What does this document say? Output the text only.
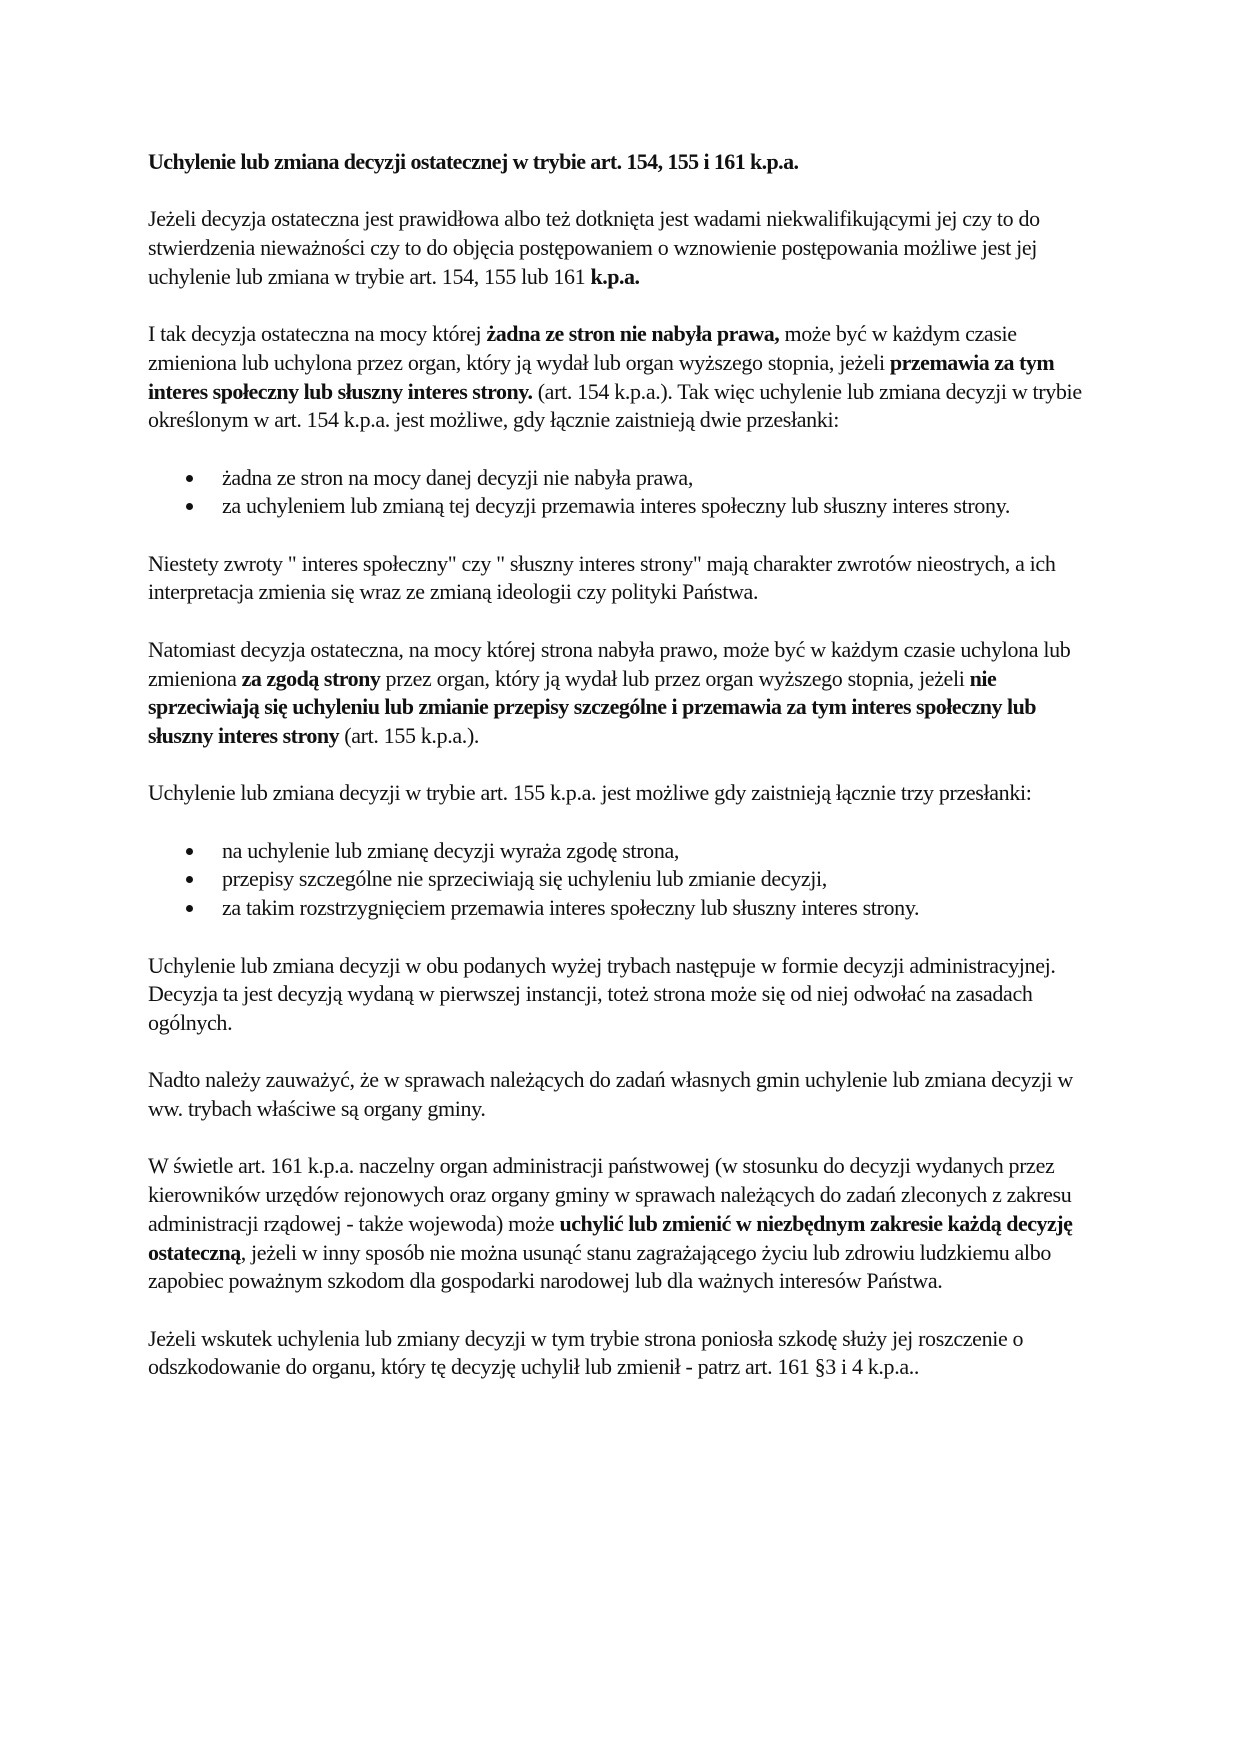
Uchylenie lub zmiana decyzji ostatecznej w trybie art. 154, 155 i 161 k.p.a.

Jeżeli decyzja ostateczna jest prawidłowa albo też dotknięta jest wadami niekwalifikującymi jej czy to do stwierdzenia nieważności czy to do objęcia postępowaniem o wznowienie postępowania możliwe jest jej uchylenie lub zmiana w trybie art. 154, 155 lub 161 k.p.a.

I tak decyzja ostateczna na mocy której żadna ze stron nie nabyła prawa, może być w każdym czasie zmieniona lub uchylona przez organ, który ją wydał lub organ wyższego stopnia, jeżeli przemawia za tym interes społeczny lub słuszny interes strony. (art. 154 k.p.a.). Tak więc uchylenie lub zmiana decyzji w trybie określonym w art. 154 k.p.a. jest możliwe, gdy łącznie zaistnieją dwie przesłanki:

żadna ze stron na mocy danej decyzji nie nabyła prawa,
za uchyleniem lub zmianą tej decyzji przemawia interes społeczny lub słuszny interes strony.

Niestety zwroty " interes społeczny" czy " słuszny interes strony" mają charakter zwrotów nieostrych, a ich interpretacja zmienia się wraz ze zmianą ideologii czy polityki Państwa.

Natomiast decyzja ostateczna, na mocy której strona nabyła prawo, może być w każdym czasie uchylona lub zmieniona za zgodą strony przez organ, który ją wydał lub przez organ wyższego stopnia, jeżeli nie sprzeciwiają się uchyleniu lub zmianie przepisy szczególne i przemawia za tym interes społeczny lub słuszny interes strony (art. 155 k.p.a.).

Uchylenie lub zmiana decyzji w trybie art. 155 k.p.a. jest możliwe gdy zaistnieją łącznie trzy przesłanki:

na uchylenie lub zmianę decyzji wyraża zgodę strona,
przepisy szczególne nie sprzeciwiają się uchyleniu lub zmianie decyzji,
za takim rozstrzygnięciem przemawia interes społeczny lub słuszny interes strony.

Uchylenie lub zmiana decyzji w obu podanych wyżej trybach następuje w formie decyzji administracyjnej. Decyzja ta jest decyzją wydaną w pierwszej instancji, toteż strona może się od niej odwołać na zasadach ogólnych.

Nadto należy zauważyć, że w sprawach należących do zadań własnych gmin uchylenie lub zmiana decyzji w ww. trybach właściwe są organy gminy.

W świetle art. 161 k.p.a. naczelny organ administracji państwowej (w stosunku do decyzji wydanych przez kierowników urzędów rejonowych oraz organy gminy w sprawach należących do zadań zleconych z zakresu administracji rządowej - także wojewoda) może uchylić lub zmienić w niezbędnym zakresie każdą decyzję ostateczną, jeżeli w inny sposób nie można usunąć stanu zagrażającego życiu lub zdrowiu ludzkiemu albo zapobiec poważnym szkodom dla gospodarki narodowej lub dla ważnych interesów Państwa.

Jeżeli wskutek uchylenia lub zmiany decyzji w tym trybie strona poniosła szkodę służy jej roszczenie o odszkodowanie do organu, który tę decyzję uchylił lub zmienił - patrz art. 161 §3 i 4 k.p.a..
